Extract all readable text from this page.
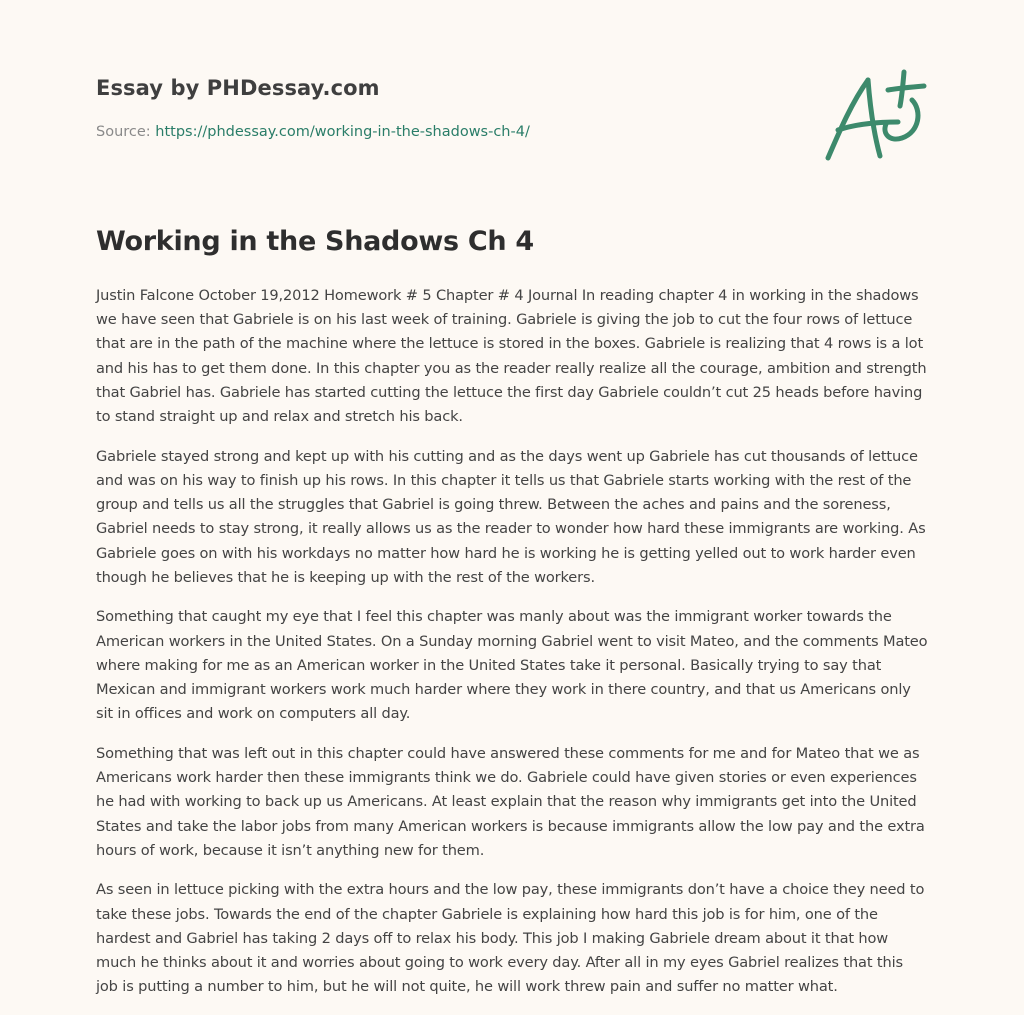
Essay by PHDessay.com
Source: https://phdessay.com/working-in-the-shadows-ch-4/
Working in the Shadows Ch 4

Justin Falcone October 19,2012 Homework # 5 Chapter # 4 Journal In reading chapter 4 in working in the shadows we have seen that Gabriele is on his last week of training. Gabriele is giving the job to cut the four rows of lettuce that are in the path of the machine where the lettuce is stored in the boxes. Gabriele is realizing that 4 rows is a lot and his has to get them done. In this chapter you as the reader really realize all the courage, ambition and strength that Gabriel has. Gabriele has started cutting the lettuce the first day Gabriele couldn’t cut 25 heads before having to stand straight up and relax and stretch his back.

Gabriele stayed strong and kept up with his cutting and as the days went up Gabriele has cut thousands of lettuce and was on his way to finish up his rows. In this chapter it tells us that Gabriele starts working with the rest of the group and tells us all the struggles that Gabriel is going threw. Between the aches and pains and the soreness, Gabriel needs to stay strong, it really allows us as the reader to wonder how hard these immigrants are working. As Gabriele goes on with his workdays no matter how hard he is working he is getting yelled out to work harder even though he believes that he is keeping up with the rest of the workers.

Something that caught my eye that I feel this chapter was manly about was the immigrant worker towards the American workers in the United States. On a Sunday morning Gabriel went to visit Mateo, and the comments Mateo where making for me as an American worker in the United States take it personal. Basically trying to say that Mexican and immigrant workers work much harder where they work in there country, and that us Americans only sit in offices and work on computers all day.

Something that was left out in this chapter could have answered these comments for me and for Mateo that we as Americans work harder then these immigrants think we do. Gabriele could have given stories or even experiences he had with working to back up us Americans. At least explain that the reason why immigrants get into the United States and take the labor jobs from many American workers is because immigrants allow the low pay and the extra hours of work, because it isn’t anything new for them.

As seen in lettuce picking with the extra hours and the low pay, these immigrants don’t have a choice they need to take these jobs. Towards the end of the chapter Gabriele is explaining how hard this job is for him, one of the hardest and Gabriel has taking 2 days off to relax his body. This job I making Gabriele dream about it that how much he thinks about it and worries about going to work every day. After all in my eyes Gabriel realizes that this job is putting a number to him, but he will not quite, he will work threw pain and suffer no matter what.
